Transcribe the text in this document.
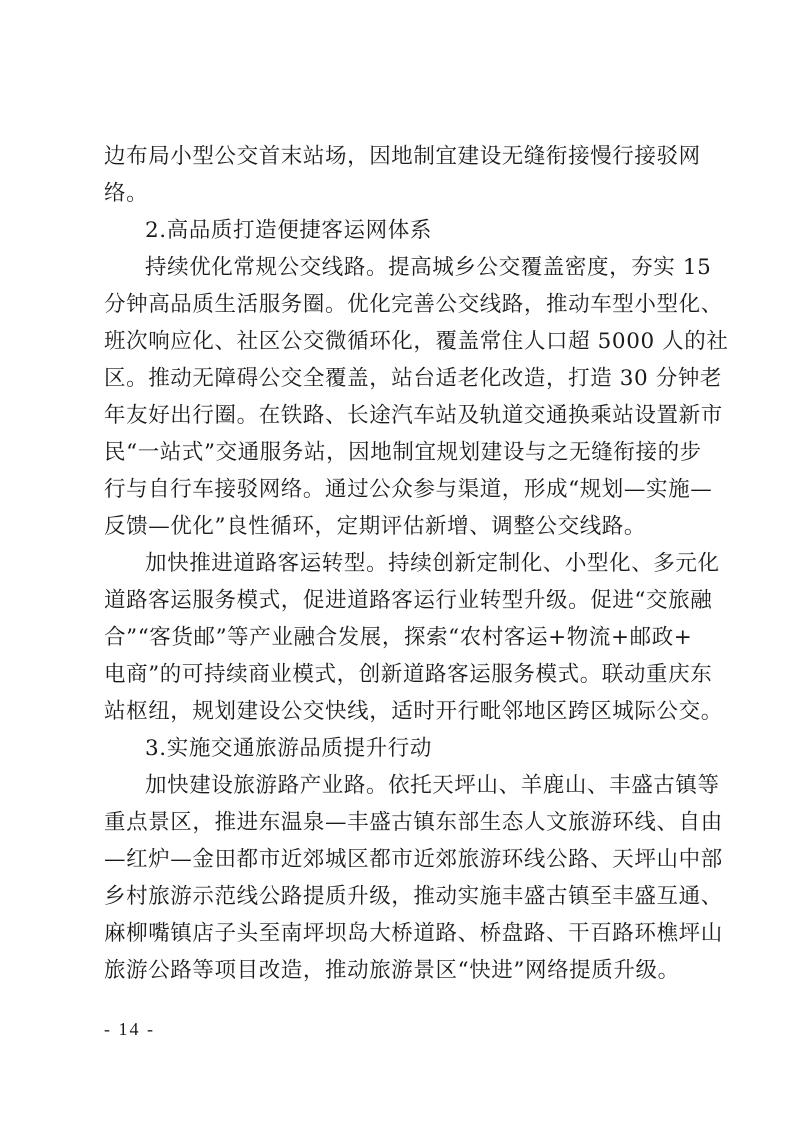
边布局小型公交首末站场，因地制宜建设无缝衔接慢行接驳网
络。
2.高品质打造便捷客运网体系
持续优化常规公交线路。提高城乡公交覆盖密度，夯实 15
分钟高品质生活服务圈。优化完善公交线路，推动车型小型化、
班次响应化、社区公交微循环化，覆盖常住人口超 5000 人的社
区。推动无障碍公交全覆盖，站台适老化改造，打造 30 分钟老
年友好出行圈。在铁路、长途汽车站及轨道交通换乘站设置新市
民“一站式”交通服务站，因地制宜规划建设与之无缝衔接的步
行与自行车接驳网络。通过公众参与渠道，形成“规划—实施—
反馈—优化”良性循环，定期评估新增、调整公交线路。
加快推进道路客运转型。持续创新定制化、小型化、多元化
道路客运服务模式，促进道路客运行业转型升级。促进“交旅融
合”“客货邮”等产业融合发展，探索“农村客运+物流+邮政+
电商”的可持续商业模式，创新道路客运服务模式。联动重庆东
站枢纽，规划建设公交快线，适时开行毗邻地区跨区城际公交。
3.实施交通旅游品质提升行动
加快建设旅游路产业路。依托天坪山、羊鹿山、丰盛古镇等
重点景区，推进东温泉—丰盛古镇东部生态人文旅游环线、自由
—红炉—金田都市近郊城区都市近郊旅游环线公路、天坪山中部
乡村旅游示范线公路提质升级，推动实施丰盛古镇至丰盛互通、
麻柳嘴镇店子头至南坪坝岛大桥道路、桥盘路、干百路环樵坪山
旅游公路等项目改造，推动旅游景区“快进”网络提质升级。
- 14 -
